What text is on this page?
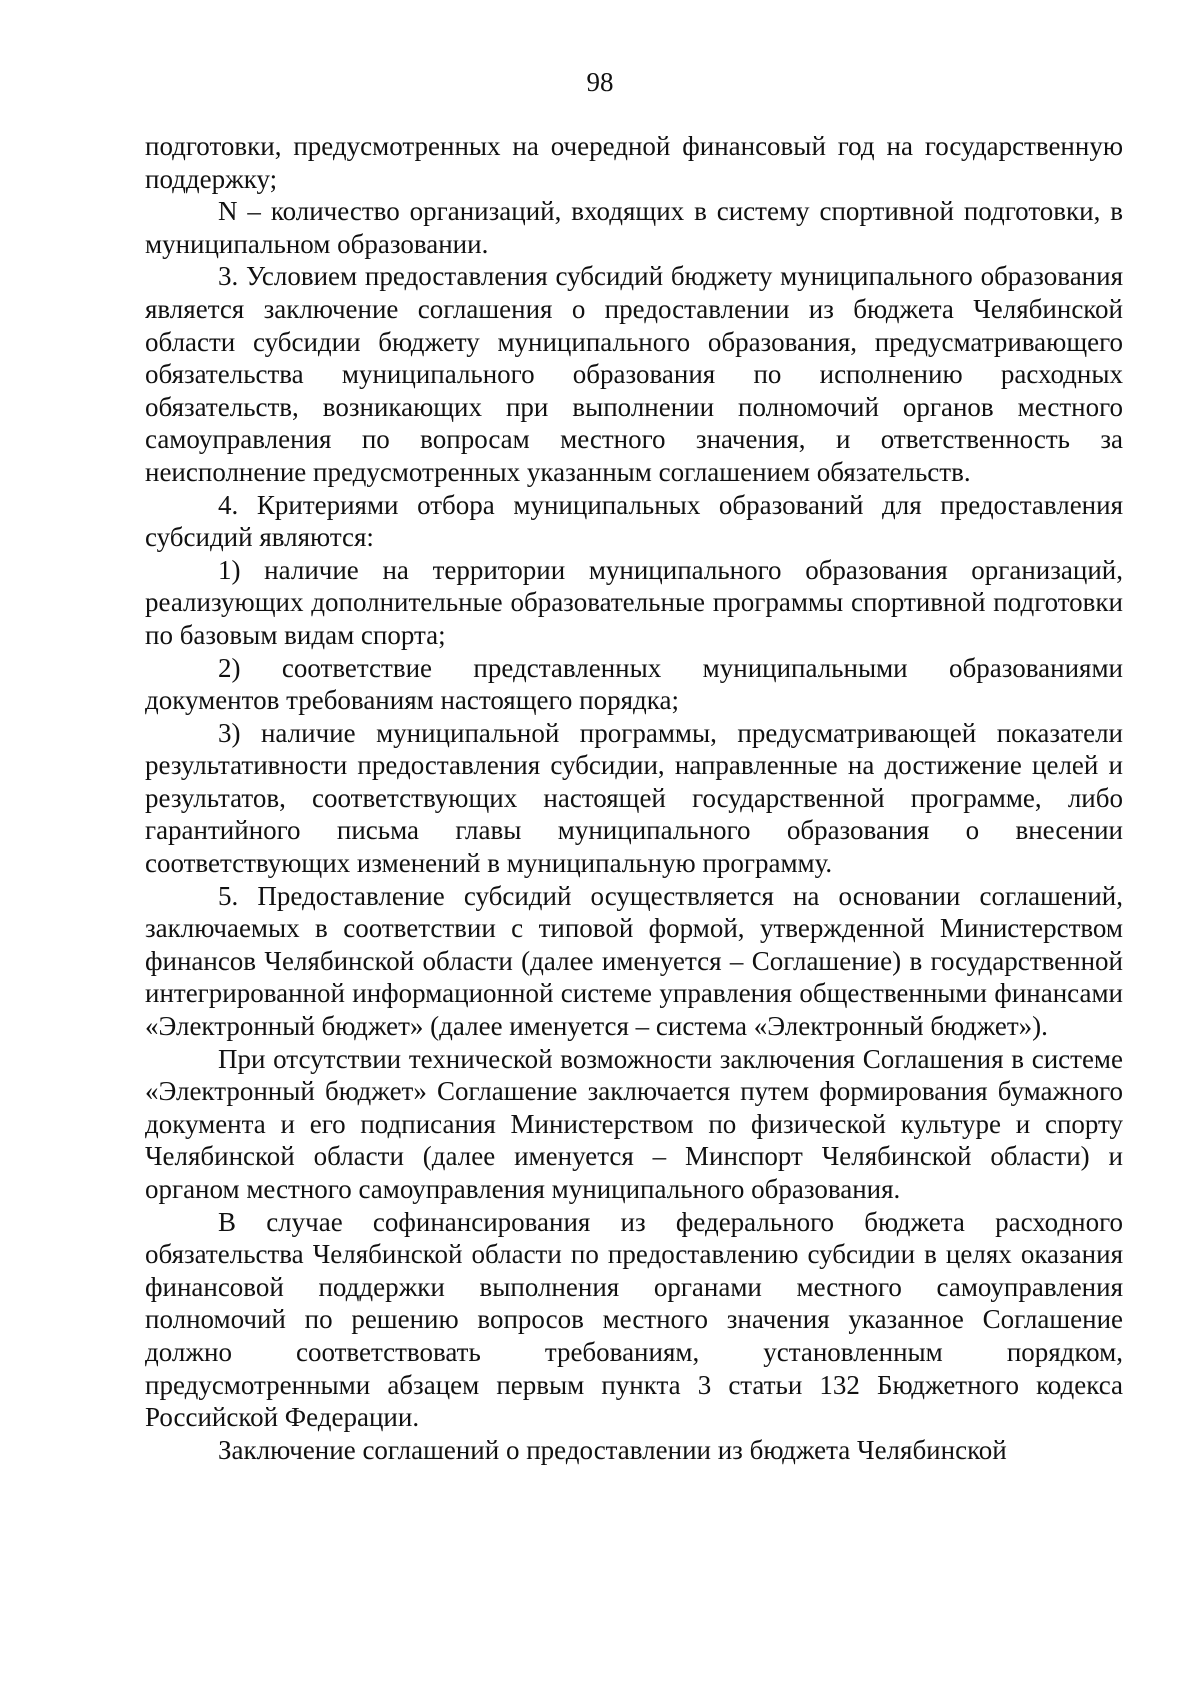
98

подготовки, предусмотренных на очередной финансовый год на государственную поддержку;

N – количество организаций, входящих в систему спортивной подготовки, в муниципальном образовании.

3. Условием предоставления субсидий бюджету муниципального образования является заключение соглашения о предоставлении из бюджета Челябинской области субсидии бюджету муниципального образования, предусматривающего обязательства муниципального образования по исполнению расходных обязательств, возникающих при выполнении полномочий органов местного самоуправления по вопросам местного значения, и ответственность за неисполнение предусмотренных указанным соглашением обязательств.

4. Критериями отбора муниципальных образований для предоставления субсидий являются:

1) наличие на территории муниципального образования организаций, реализующих дополнительные образовательные программы спортивной подготовки по базовым видам спорта;

2) соответствие представленных муниципальными образованиями документов требованиям настоящего порядка;

3) наличие муниципальной программы, предусматривающей показатели результативности предоставления субсидии, направленные на достижение целей и результатов, соответствующих настоящей государственной программе, либо гарантийного письма главы муниципального образования о внесении соответствующих изменений в муниципальную программу.

5. Предоставление субсидий осуществляется на основании соглашений, заключаемых в соответствии с типовой формой, утвержденной Министерством финансов Челябинской области (далее именуется – Соглашение) в государственной интегрированной информационной системе управления общественными финансами «Электронный бюджет» (далее именуется – система «Электронный бюджет»).

При отсутствии технической возможности заключения Соглашения в системе «Электронный бюджет» Соглашение заключается путем формирования бумажного документа и его подписания Министерством по физической культуре и спорту Челябинской области (далее именуется – Минспорт Челябинской области) и органом местного самоуправления муниципального образования.

В случае софинансирования из федерального бюджета расходного обязательства Челябинской области по предоставлению субсидии в целях оказания финансовой поддержки выполнения органами местного самоуправления полномочий по решению вопросов местного значения указанное Соглашение должно соответствовать требованиям, установленным порядком, предусмотренными абзацем первым пункта 3 статьи 132 Бюджетного кодекса Российской Федерации.

Заключение соглашений о предоставлении из бюджета Челябинской
